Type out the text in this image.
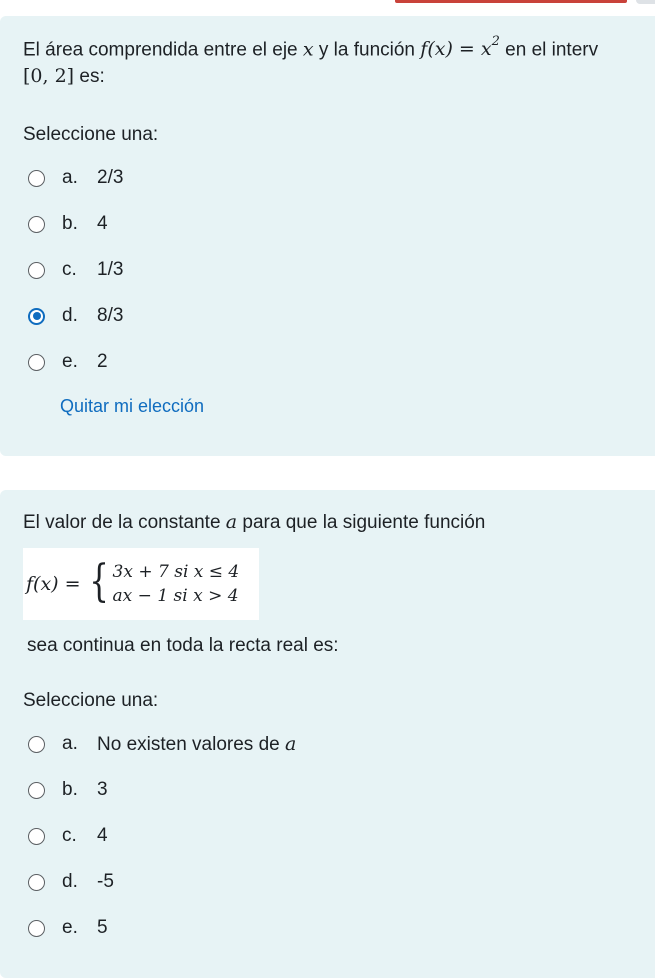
El área comprendida entre el eje x y la función $f(x) = x^2$ en el interv
[0, 2] es:
Seleccione una:
a.	2/3
b.	4
c.	1/3
d.	8/3
e.	2
Quitar mi elección
El valor de la constante a para que la siguiente función
f(x) = { 3x + 7 si x ≤ 4
ax − 1 si x > 4
sea continua en toda la recta real es:
Seleccione una:
a.	No existen valores de a
b.	3
c.	4
d.	-5
e.	5
